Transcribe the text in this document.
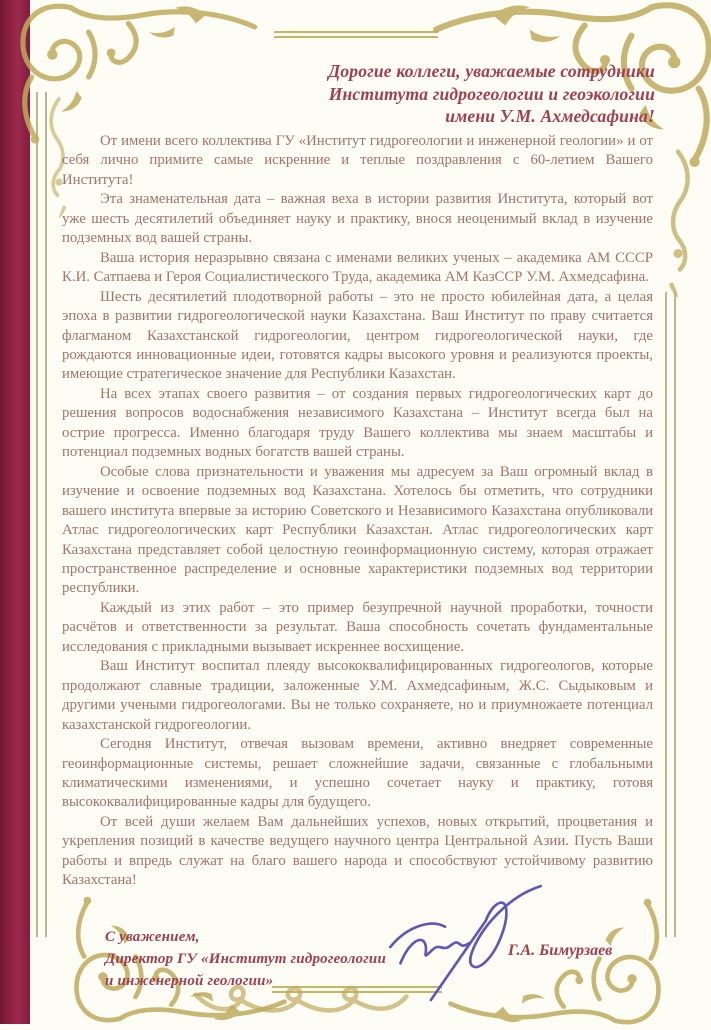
Дорогие коллеги, уважаемые сотрудники
Института гидрогеологии и геоэкологии
имени У.М. Ахмедсафина!

От имени всего коллектива ГУ «Институт гидрогеологии и инженерной геологии» и от себя лично примите самые искренние и теплые поздравления с 60-летием Вашего Института!

Эта знаменательная дата – важная веха в истории развития Института, который вот уже шесть десятилетий объединяет науку и практику, внося неоценимый вклад в изучение подземных вод вашей страны.

Ваша история неразрывно связана с именами великих ученых – академика АМ СССР К.И. Сатпаева и Героя Социалистического Труда, академика АМ КазССР У.М. Ахмедсафина.

Шесть десятилетий плодотворной работы – это не просто юбилейная дата, а целая эпоха в развитии гидрогеологической науки Казахстана. Ваш Институт по праву считается флагманом Казахстанской гидрогеологии, центром гидрогеологической науки, где рождаются инновационные идеи, готовятся кадры высокого уровня и реализуются проекты, имеющие стратегическое значение для Республики Казахстан.

На всех этапах своего развития – от создания первых гидрогеологических карт до решения вопросов водоснабжения независимого Казахстана – Институт всегда был на острие прогресса. Именно благодаря труду Вашего коллектива мы знаем масштабы и потенциал подземных водных богатств вашей страны.

Особые слова признательности и уважения мы адресуем за Ваш огромный вклад в изучение и освоение подземных вод Казахстана. Хотелось бы отметить, что сотрудники вашего института впервые за историю Советского и Независимого Казахстана опубликовали Атлас гидрогеологических карт Республики Казахстан. Атлас гидрогеологических карт Казахстана представляет собой целостную геоинформационную систему, которая отражает пространственное распределение и основные характеристики подземных вод территории республики.

Каждый из этих работ – это пример безупречной научной проработки, точности расчётов и ответственности за результат. Ваша способность сочетать фундаментальные исследования с прикладными вызывает искреннее восхищение.

Ваш Институт воспитал плеяду высококвалифицированных гидрогеологов, которые продолжают славные традиции, заложенные У.М. Ахмедсафиным, Ж.С. Сыдыковым и другими учеными гидрогеологами. Вы не только сохраняете, но и приумножаете потенциал казахстанской гидрогеологии.

Сегодня Институт, отвечая вызовам времени, активно внедряет современные геоинформационные системы, решает сложнейшие задачи, связанные с глобальными климатическими изменениями, и успешно сочетает науку и практику, готовя высококвалифицированные кадры для будущего.

От всей души желаем Вам дальнейших успехов, новых открытий, процветания и укрепления позиций в качестве ведущего научного центра Центральной Азии. Пусть Ваши работы и впредь служат на благо вашего народа и способствуют устойчивому развитию Казахстана!

С уважением,
Директор ГУ «Институт гидрогеологии
и инженерной геологии»
Г.А. Бимурзаев
